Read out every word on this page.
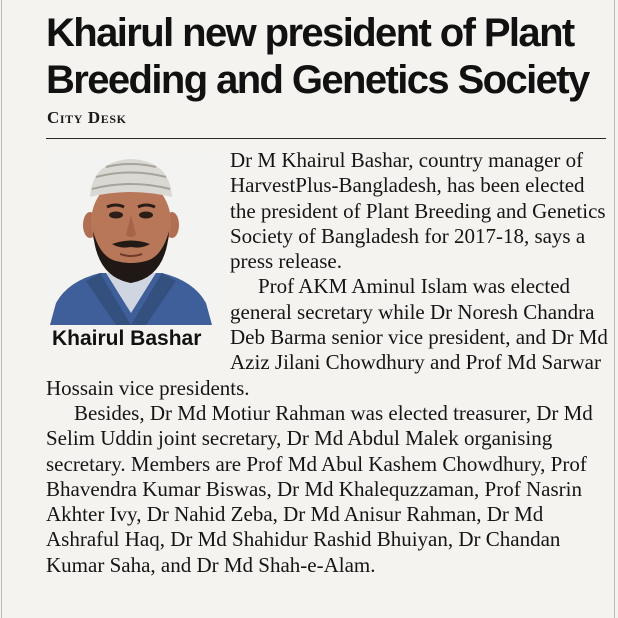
Khairul new president of Plant Breeding and Genetics Society
City Desk

Dr M Khairul Bashar, country manager of HarvestPlus-Bangladesh, has been elected the president of Plant Breeding and Genetics Society of Bangladesh for 2017-18, says a press release.

Prof AKM Aminul Islam was elected general secretary while Dr Noresh Chandra Deb Barma senior vice president, and Dr Md Aziz Jilani Chowdhury and Prof Md Sarwar Hossain vice presidents.

Besides, Dr Md Motiur Rahman was elected treasurer, Dr Md Selim Uddin joint secretary, Dr Md Abdul Malek organising secretary. Members are Prof Md Abul Kashem Chowdhury, Prof Bhavendra Kumar Biswas, Dr Md Khalequzzaman, Prof Nasrin Akhter Ivy, Dr Nahid Zeba, Dr Md Anisur Rahman, Dr Md Ashraful Haq, Dr Md Shahidur Rashid Bhuiyan, Dr Chandan Kumar Saha, and Dr Md Shah-e-Alam.

Khairul Bashar
